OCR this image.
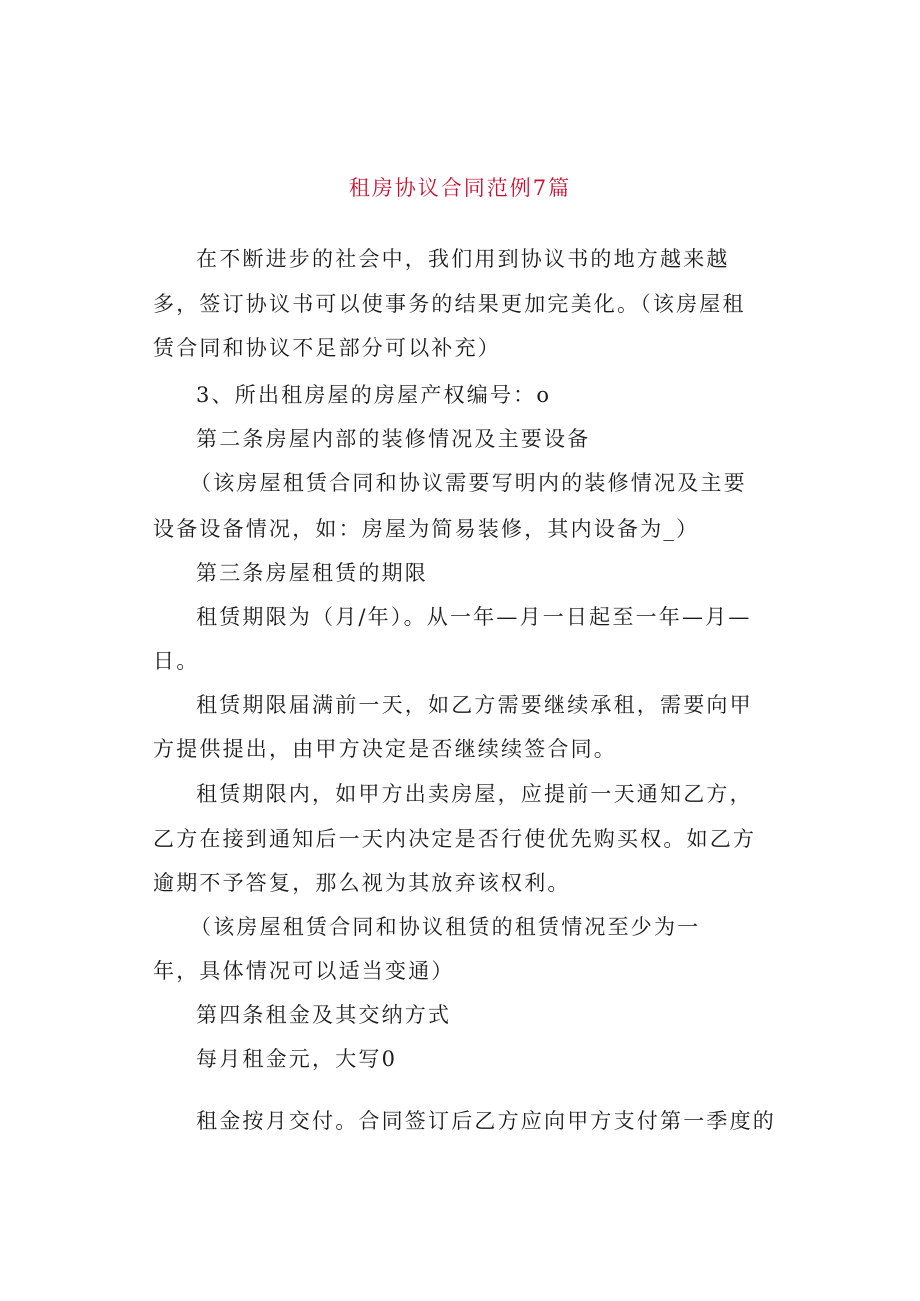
租房协议合同范例7篇
在不断进步的社会中，我们用到协议书的地方越来越
多，签订协议书可以使事务的结果更加完美化。（该房屋租
赁合同和协议不足部分可以补充）
3、所出租房屋的房屋产权编号：o
第二条房屋内部的装修情况及主要设备
（该房屋租赁合同和协议需要写明内的装修情况及主要
设备设备情况，如：房屋为简易装修，其内设备为_）
第三条房屋租赁的期限
租赁期限为（月/年）。从一年—月一日起至一年—月—
日。
租赁期限届满前一天，如乙方需要继续承租，需要向甲
方提供提出，由甲方决定是否继续续签合同。
租赁期限内，如甲方出卖房屋，应提前一天通知乙方，
乙方在接到通知后一天内决定是否行使优先购买权。如乙方
逾期不予答复，那么视为其放弃该权利。
（该房屋租赁合同和协议租赁的租赁情况至少为一
年，具体情况可以适当变通）
第四条租金及其交纳方式
每月租金元，大写0
租金按月交付。合同签订后乙方应向甲方支付第一季度的
